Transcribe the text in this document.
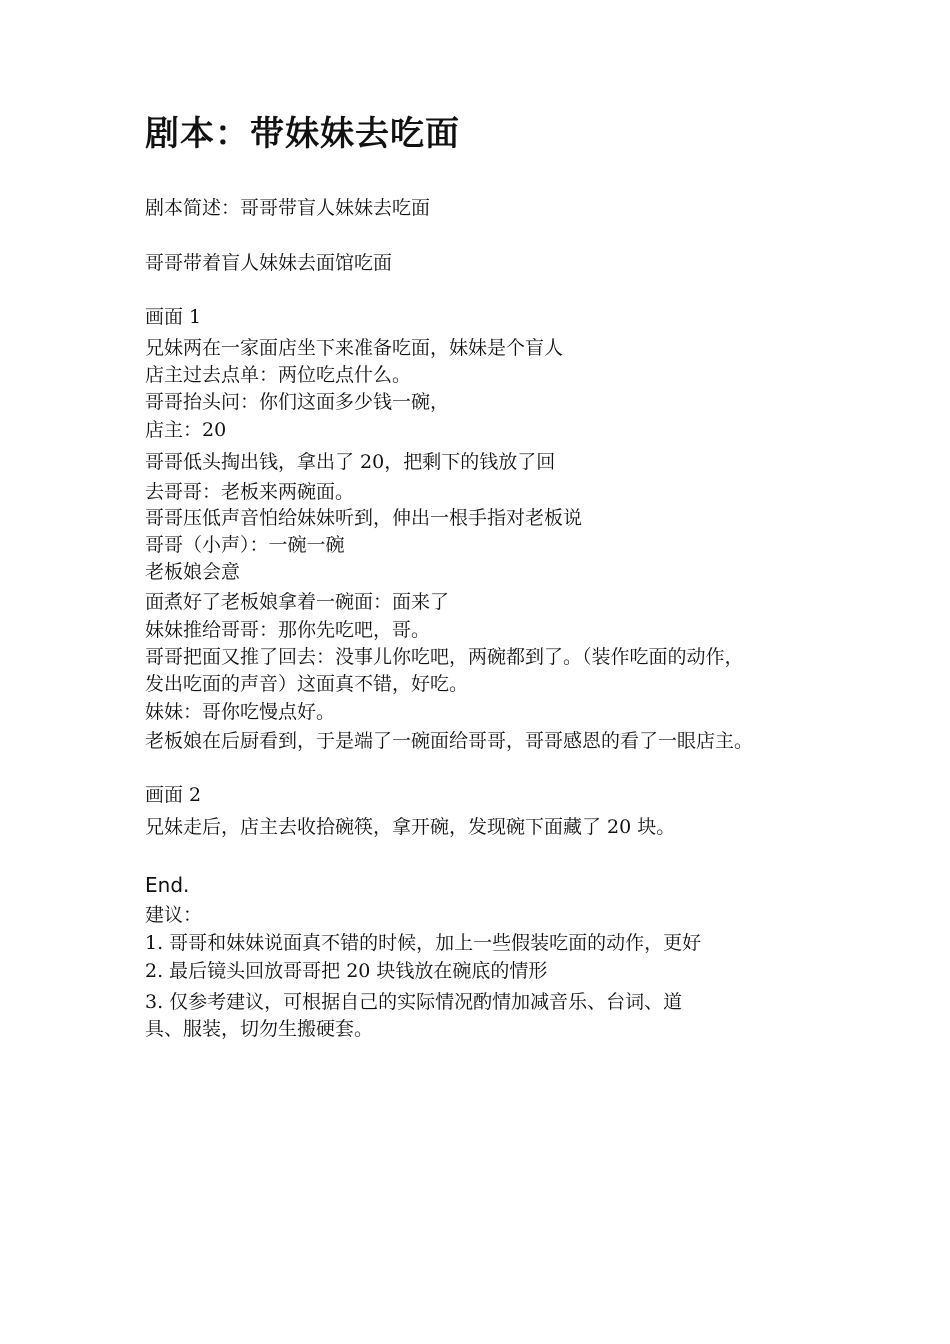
剧本：带妹妹去吃面

剧本简述：哥哥带盲人妹妹去吃面

哥哥带着盲人妹妹去面馆吃面

画面 1

兄妹两在一家面店坐下来准备吃面，妹妹是个盲人

店主过去点单：两位吃点什么。

哥哥抬头问：你们这面多少钱一碗，

店主：20

哥哥低头掏出钱，拿出了 20，把剩下的钱放了回

去哥哥：老板来两碗面。

哥哥压低声音怕给妹妹听到，伸出一根手指对老板说

哥哥（小声）：一碗一碗

老板娘会意

面煮好了老板娘拿着一碗面：面来了

妹妹推给哥哥：那你先吃吧，哥。

哥哥把面又推了回去：没事儿你吃吧，两碗都到了。（装作吃面的动作，

发出吃面的声音）这面真不错，好吃。

妹妹：哥你吃慢点好。

老板娘在后厨看到，于是端了一碗面给哥哥，哥哥感恩的看了一眼店主。

画面 2

兄妹走后，店主去收拾碗筷，拿开碗，发现碗下面藏了 20 块。

End.

建议：

1. 哥哥和妹妹说面真不错的时候，加上一些假装吃面的动作，更好

2. 最后镜头回放哥哥把 20 块钱放在碗底的情形

3. 仅参考建议，可根据自己的实际情况酌情加减音乐、台词、道

具、服装，切勿生搬硬套。
